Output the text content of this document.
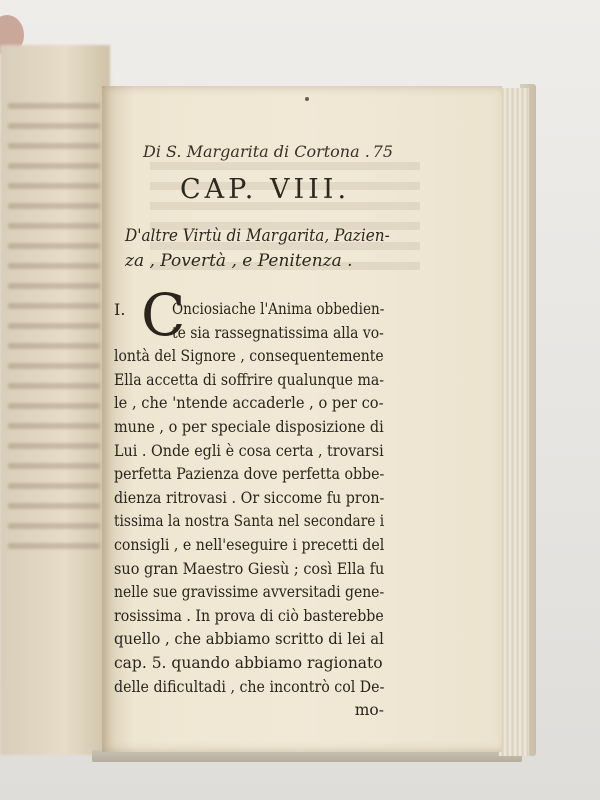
Di S. Margarita di Cortona . 75
CAP. VIII.
D'altre Virtù di Margarita, Pazien-
za , Povertà , e Penitenza .
I. C
Onciosiache l'Anima obbedien-
te sia rassegnatissima alla vo-
lontà del Signore , consequentemente
Ella accetta di soffrire qualunque ma-
le , che 'ntende accaderle , o per co-
mune , o per speciale disposizione di
Lui . Onde egli è cosa certa , trovarsi
perfetta Pazienza dove perfetta obbe-
dienza ritrovasi . Or siccome fu pron-
tissima la nostra Santa nel secondare i
consigli , e nell'eseguire i precetti del
suo gran Maestro Giesù ; così Ella fu
nelle sue gravissime avversitadi gene-
rosissima . In prova di ciò basterebbe
quello , che abbiamo scritto di lei al
cap. 5. quando abbiamo ragionato
delle dificultadi , che incontrò col De-
mo-
